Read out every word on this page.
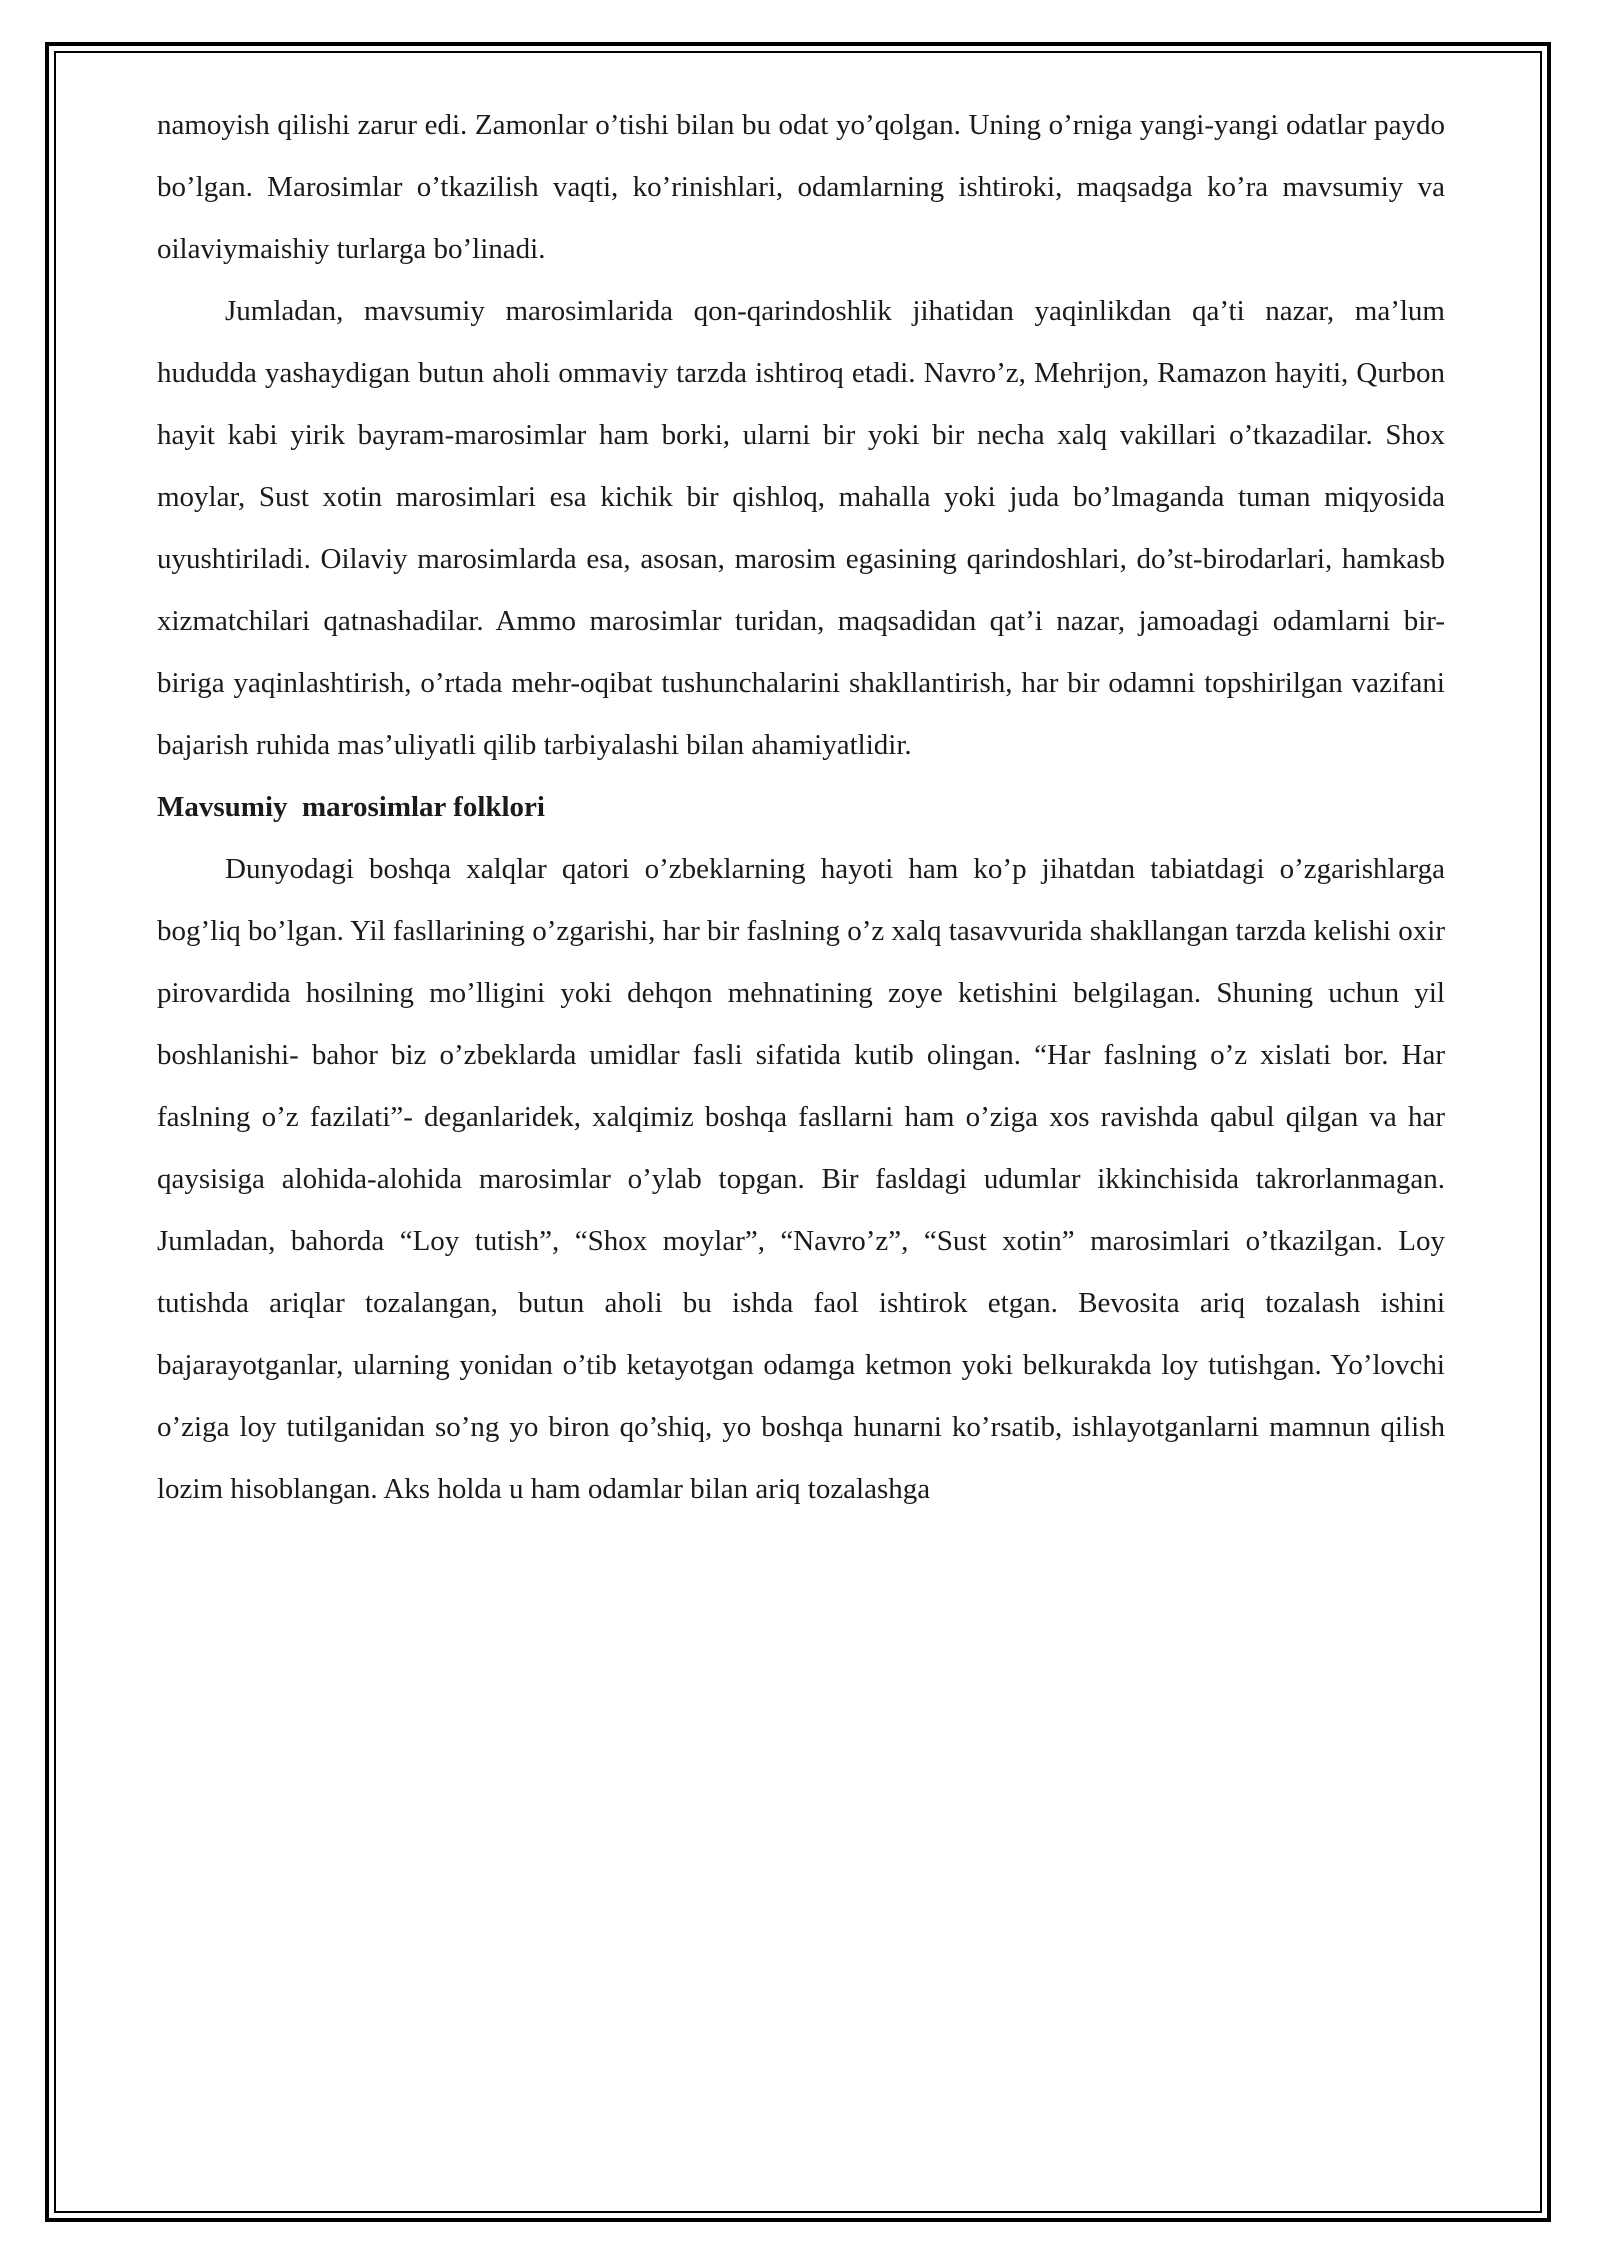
namoyish qilishi zarur edi. Zamonlar o’tishi bilan bu odat yo’qolgan. Uning o’rniga yangi-yangi odatlar paydo bo’lgan. Marosimlar o’tkazilish vaqti, ko’rinishlari, odamlarning ishtiroki, maqsadga ko’ra mavsumiy va oilaviymaishiy turlarga bo’linadi.

Jumladan, mavsumiy marosimlarida qon-qarindoshlik jihatidan yaqinlikdan qa’ti nazar, ma’lum hududda yashaydigan butun aholi ommaviy tarzda ishtiroq etadi. Navro’z, Mehrijon, Ramazon hayiti, Qurbon hayit kabi yirik bayram-marosimlar ham borki, ularni bir yoki bir necha xalq vakillari o’tkazadilar. Shox moylar, Sust xotin marosimlari esa kichik bir qishloq, mahalla yoki juda bo’lmaganda tuman miqyosida uyushtiriladi. Oilaviy marosimlarda esa, asosan, marosim egasining qarindoshlari, do’st-birodarlari, hamkasb xizmatchilari qatnashadilar. Ammo marosimlar turidan, maqsadidan qat’i nazar, jamoadagi odamlarni bir-biriga yaqinlashtirish, o’rtada mehr-oqibat tushunchalarini shakllantirish, har bir odamni topshirilgan vazifani bajarish ruhida mas’uliyatli qilib tarbiyalashi bilan ahamiyatlidir.

Mavsumiy  marosimlar folklori

Dunyodagi boshqa xalqlar qatori o’zbeklarning hayoti ham ko’p jihatdan tabiatdagi o’zgarishlarga bog’liq bo’lgan. Yil fasllarining o’zgarishi, har bir faslning o’z xalq tasavvurida shakllangan tarzda kelishi oxir pirovardida hosilning mo’lligini yoki dehqon mehnatining zoye ketishini belgilagan. Shuning uchun yil boshlanishi- bahor biz o’zbeklarda umidlar fasli sifatida kutib olingan. “Har faslning o’z xislati bor. Har faslning o’z fazilati”- deganlaridek, xalqimiz boshqa fasllarni ham o’ziga xos ravishda qabul qilgan va har qaysisiga alohida-alohida marosimlar o’ylab topgan. Bir fasldagi udumlar ikkinchisida takrorlanmagan. Jumladan, bahorda “Loy tutish”, “Shox moylar”, “Navro’z”, “Sust xotin” marosimlari o’tkazilgan. Loy tutishda ariqlar tozalangan, butun aholi bu ishda faol ishtirok etgan. Bevosita ariq tozalash ishini bajarayotganlar, ularning yonidan o’tib ketayotgan odamga ketmon yoki belkurakda loy tutishgan. Yo’lovchi o’ziga loy tutilganidan so’ng yo biron qo’shiq, yo boshqa hunarni ko’rsatib, ishlayotganlarni mamnun qilish lozim hisoblangan. Aks holda u ham odamlar bilan ariq tozalashga
